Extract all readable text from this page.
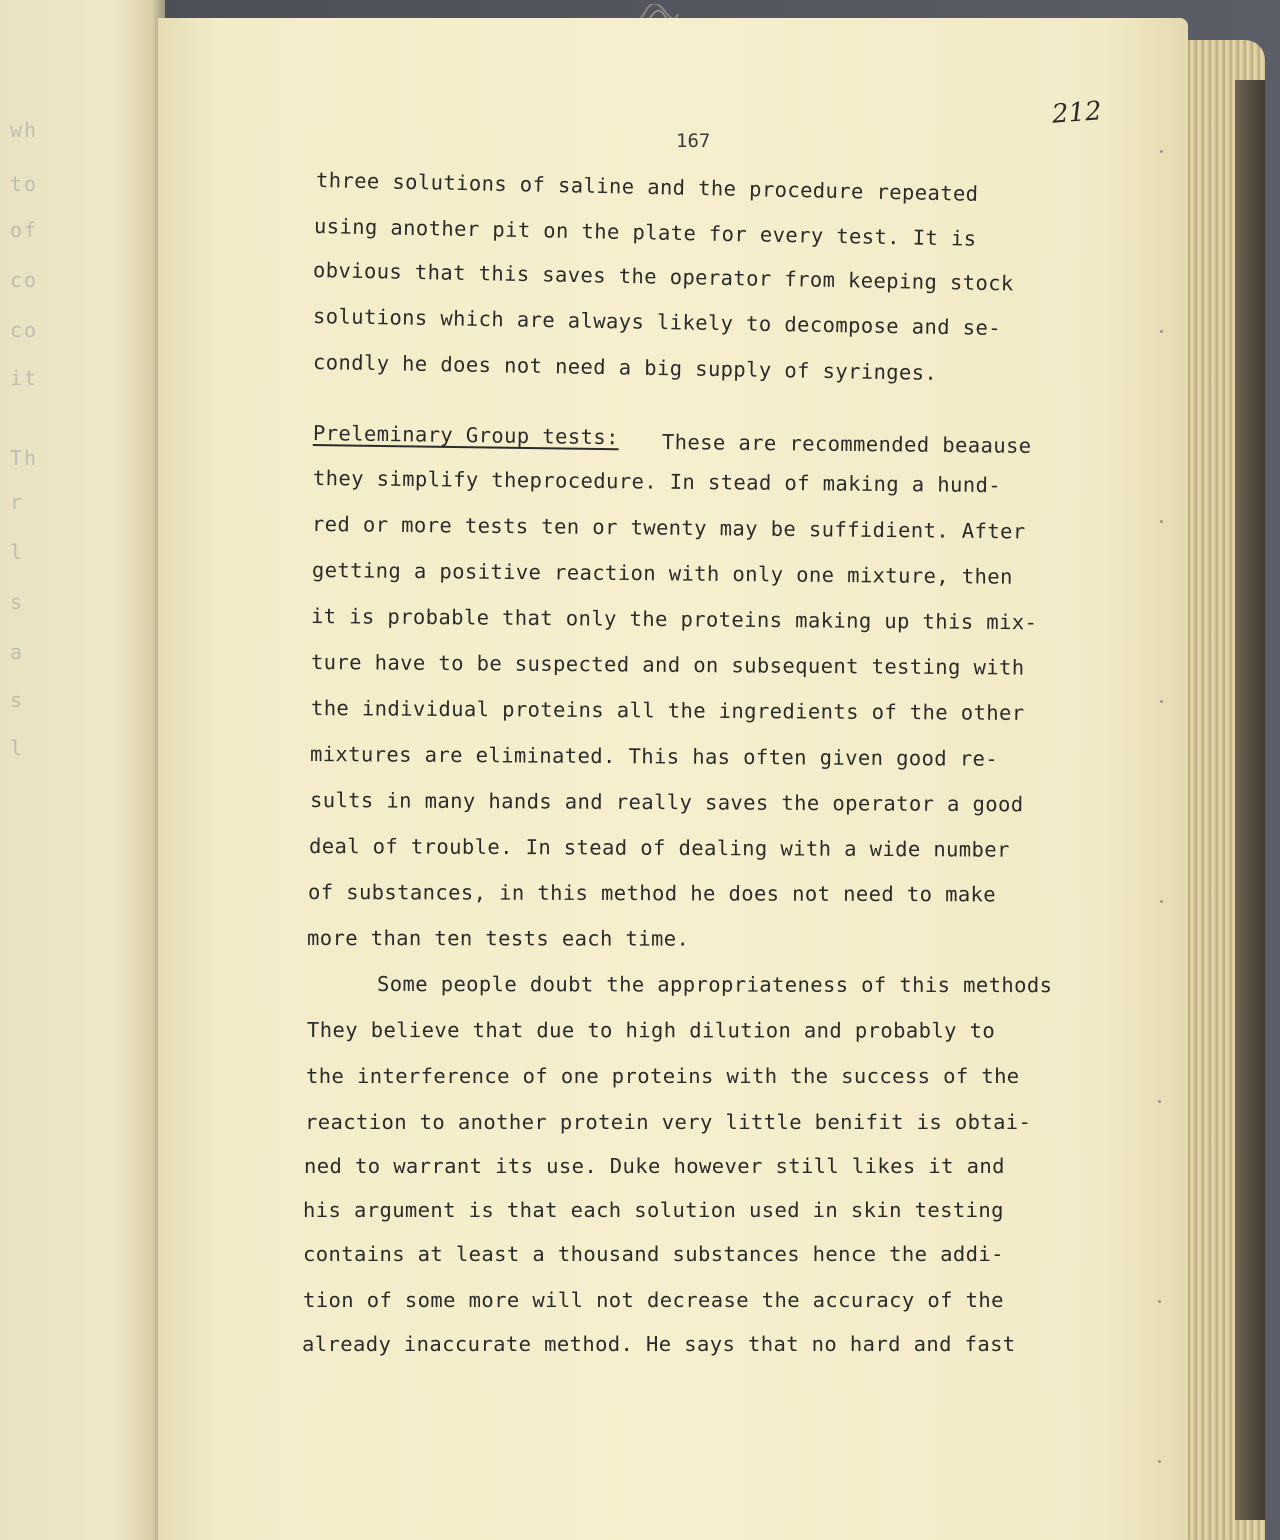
wh
to
of
co
co
it
Th
r
l
s
a
s
l
212
167
three solutions of saline and the procedure repeated
using another pit on the plate for every test. It is
obvious that this saves the operator from keeping stock
solutions which are always likely to decompose and se-
condly he does not need a big supply of syringes.
Preleminary Group tests: These are recommended beaause
they simplify theprocedure. In stead of making a hund-
red or more tests ten or twenty may be suffidient. After
getting a positive reaction with only one mixture, then
it is probable that only the proteins making up this mix-
ture have to be suspected and on subsequent testing with
the individual proteins all the ingredients of the other
mixtures are eliminated. This has often given good re-
sults in many hands and really saves the operator a good
deal of trouble. In stead of dealing with a wide number
of substances, in this method he does not need to make
more than ten tests each time.
Some people doubt the appropriateness of this methods
They believe that due to high dilution and probably to
the interference of one proteins with the success of the
reaction to another protein very little benifit is obtai-
ned to warrant its use. Duke however still likes it and
his argument is that each solution used in skin testing
contains at least a thousand substances hence the addi-
tion of some more will not decrease the accuracy of the
already inaccurate method. He says that no hard and fast
